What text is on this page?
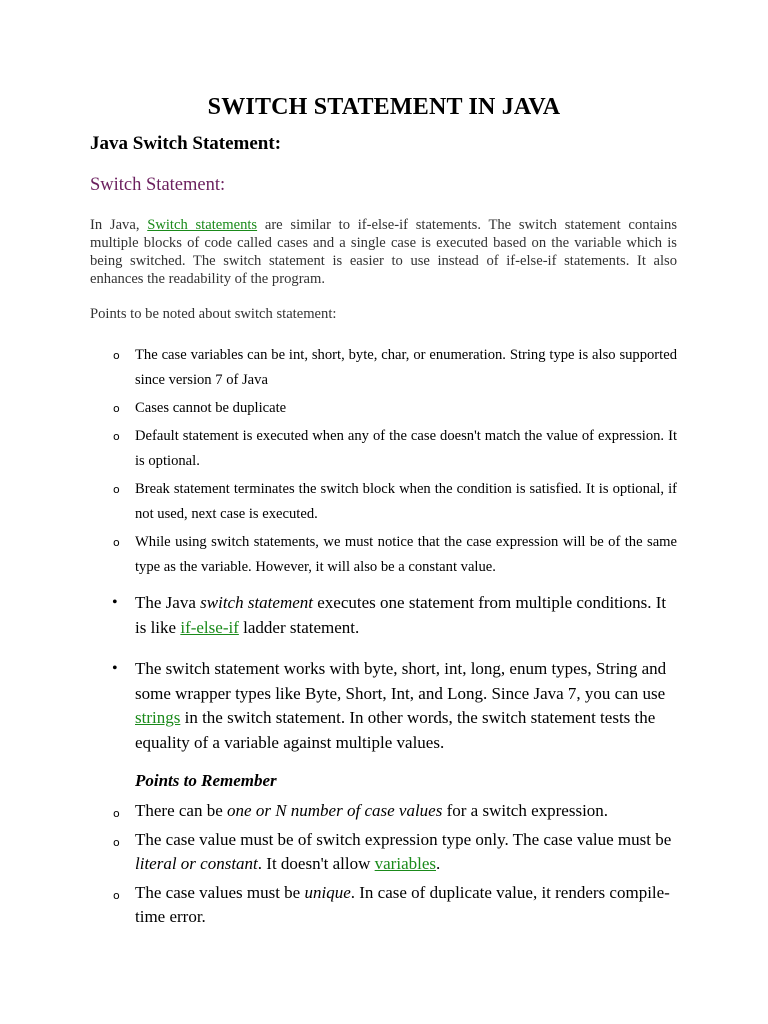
SWITCH STATEMENT IN JAVA
Java Switch Statement:
Switch Statement:

In Java, Switch statements are similar to if-else-if statements. The switch statement contains multiple blocks of code called cases and a single case is executed based on the variable which is being switched. The switch statement is easier to use instead of if-else-if statements. It also enhances the readability of the program.

Points to be noted about switch statement:

o The case variables can be int, short, byte, char, or enumeration. String type is also supported since version 7 of Java
o Cases cannot be duplicate
o Default statement is executed when any of the case doesn't match the value of expression. It is optional.
o Break statement terminates the switch block when the condition is satisfied. It is optional, if not used, next case is executed.
o While using switch statements, we must notice that the case expression will be of the same type as the variable. However, it will also be a constant value.
• The Java switch statement executes one statement from multiple conditions. It is like if-else-if ladder statement.
• The switch statement works with byte, short, int, long, enum types, String and some wrapper types like Byte, Short, Int, and Long. Since Java 7, you can use strings in the switch statement. In other words, the switch statement tests the equality of a variable against multiple values.
Points to Remember
o There can be one or N number of case values for a switch expression.
o The case value must be of switch expression type only. The case value must be literal or constant. It doesn't allow variables.
o The case values must be unique. In case of duplicate value, it renders compile-time error.
